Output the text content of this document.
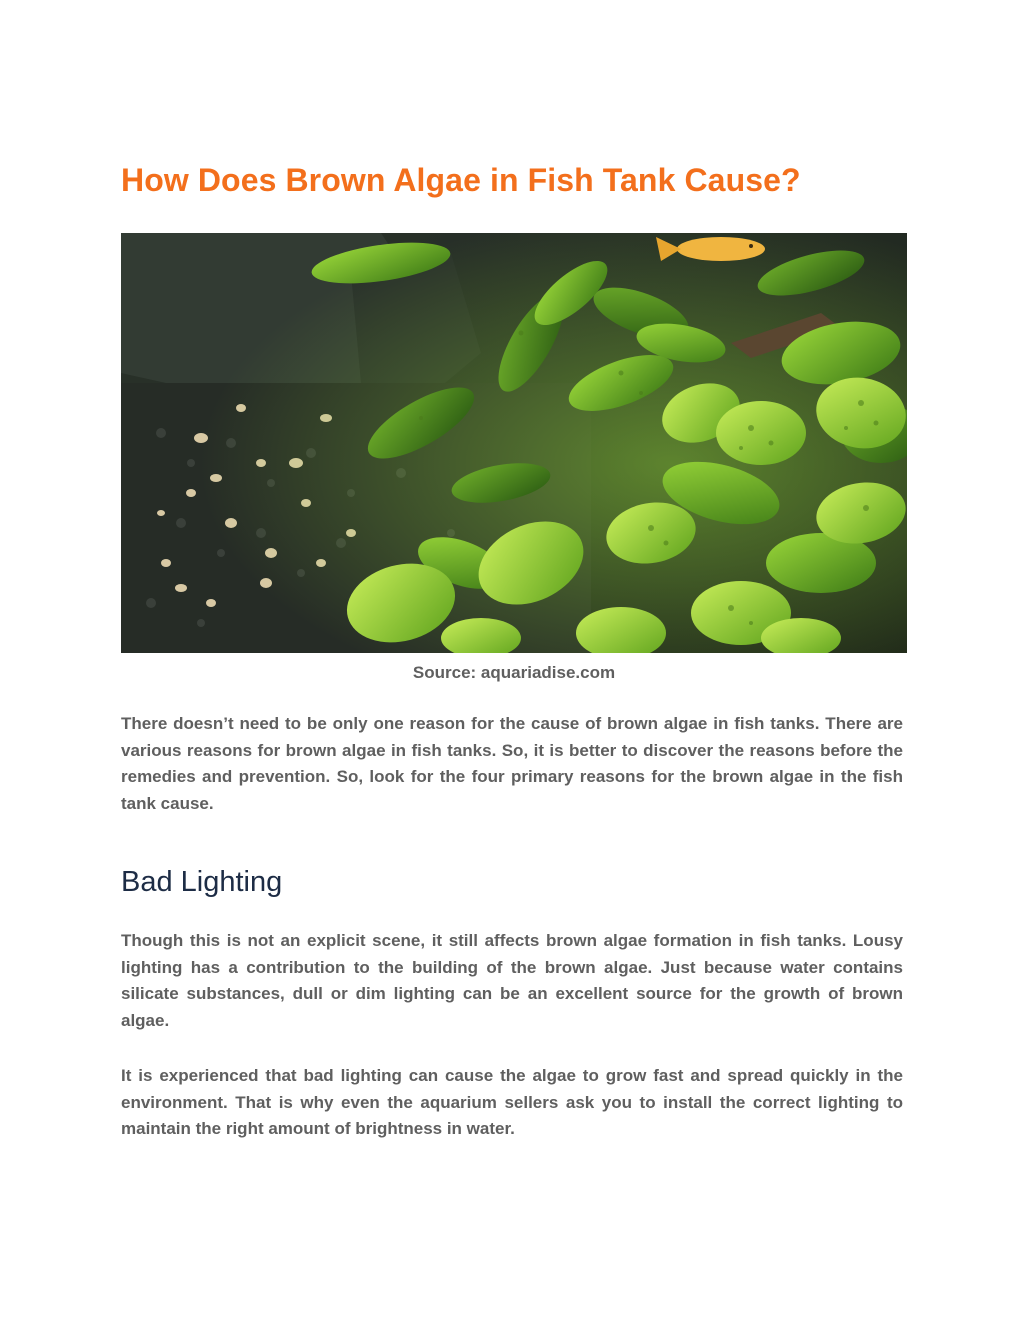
How Does Brown Algae in Fish Tank Cause?
Source: aquariadise.com

There doesn’t need to be only one reason for the cause of brown algae in fish tanks. There are various reasons for brown algae in fish tanks. So, it is better to discover the reasons before the remedies and prevention. So, look for the four primary reasons for the brown algae in the fish tank cause.

Bad Lighting

Though this is not an explicit scene, it still affects brown algae formation in fish tanks. Lousy lighting has a contribution to the building of the brown algae. Just because water contains silicate substances, dull or dim lighting can be an excellent source for the growth of brown algae.

It is experienced that bad lighting can cause the algae to grow fast and spread quickly in the environment. That is why even the aquarium sellers ask you to install the correct lighting to maintain the right amount of brightness in water.
